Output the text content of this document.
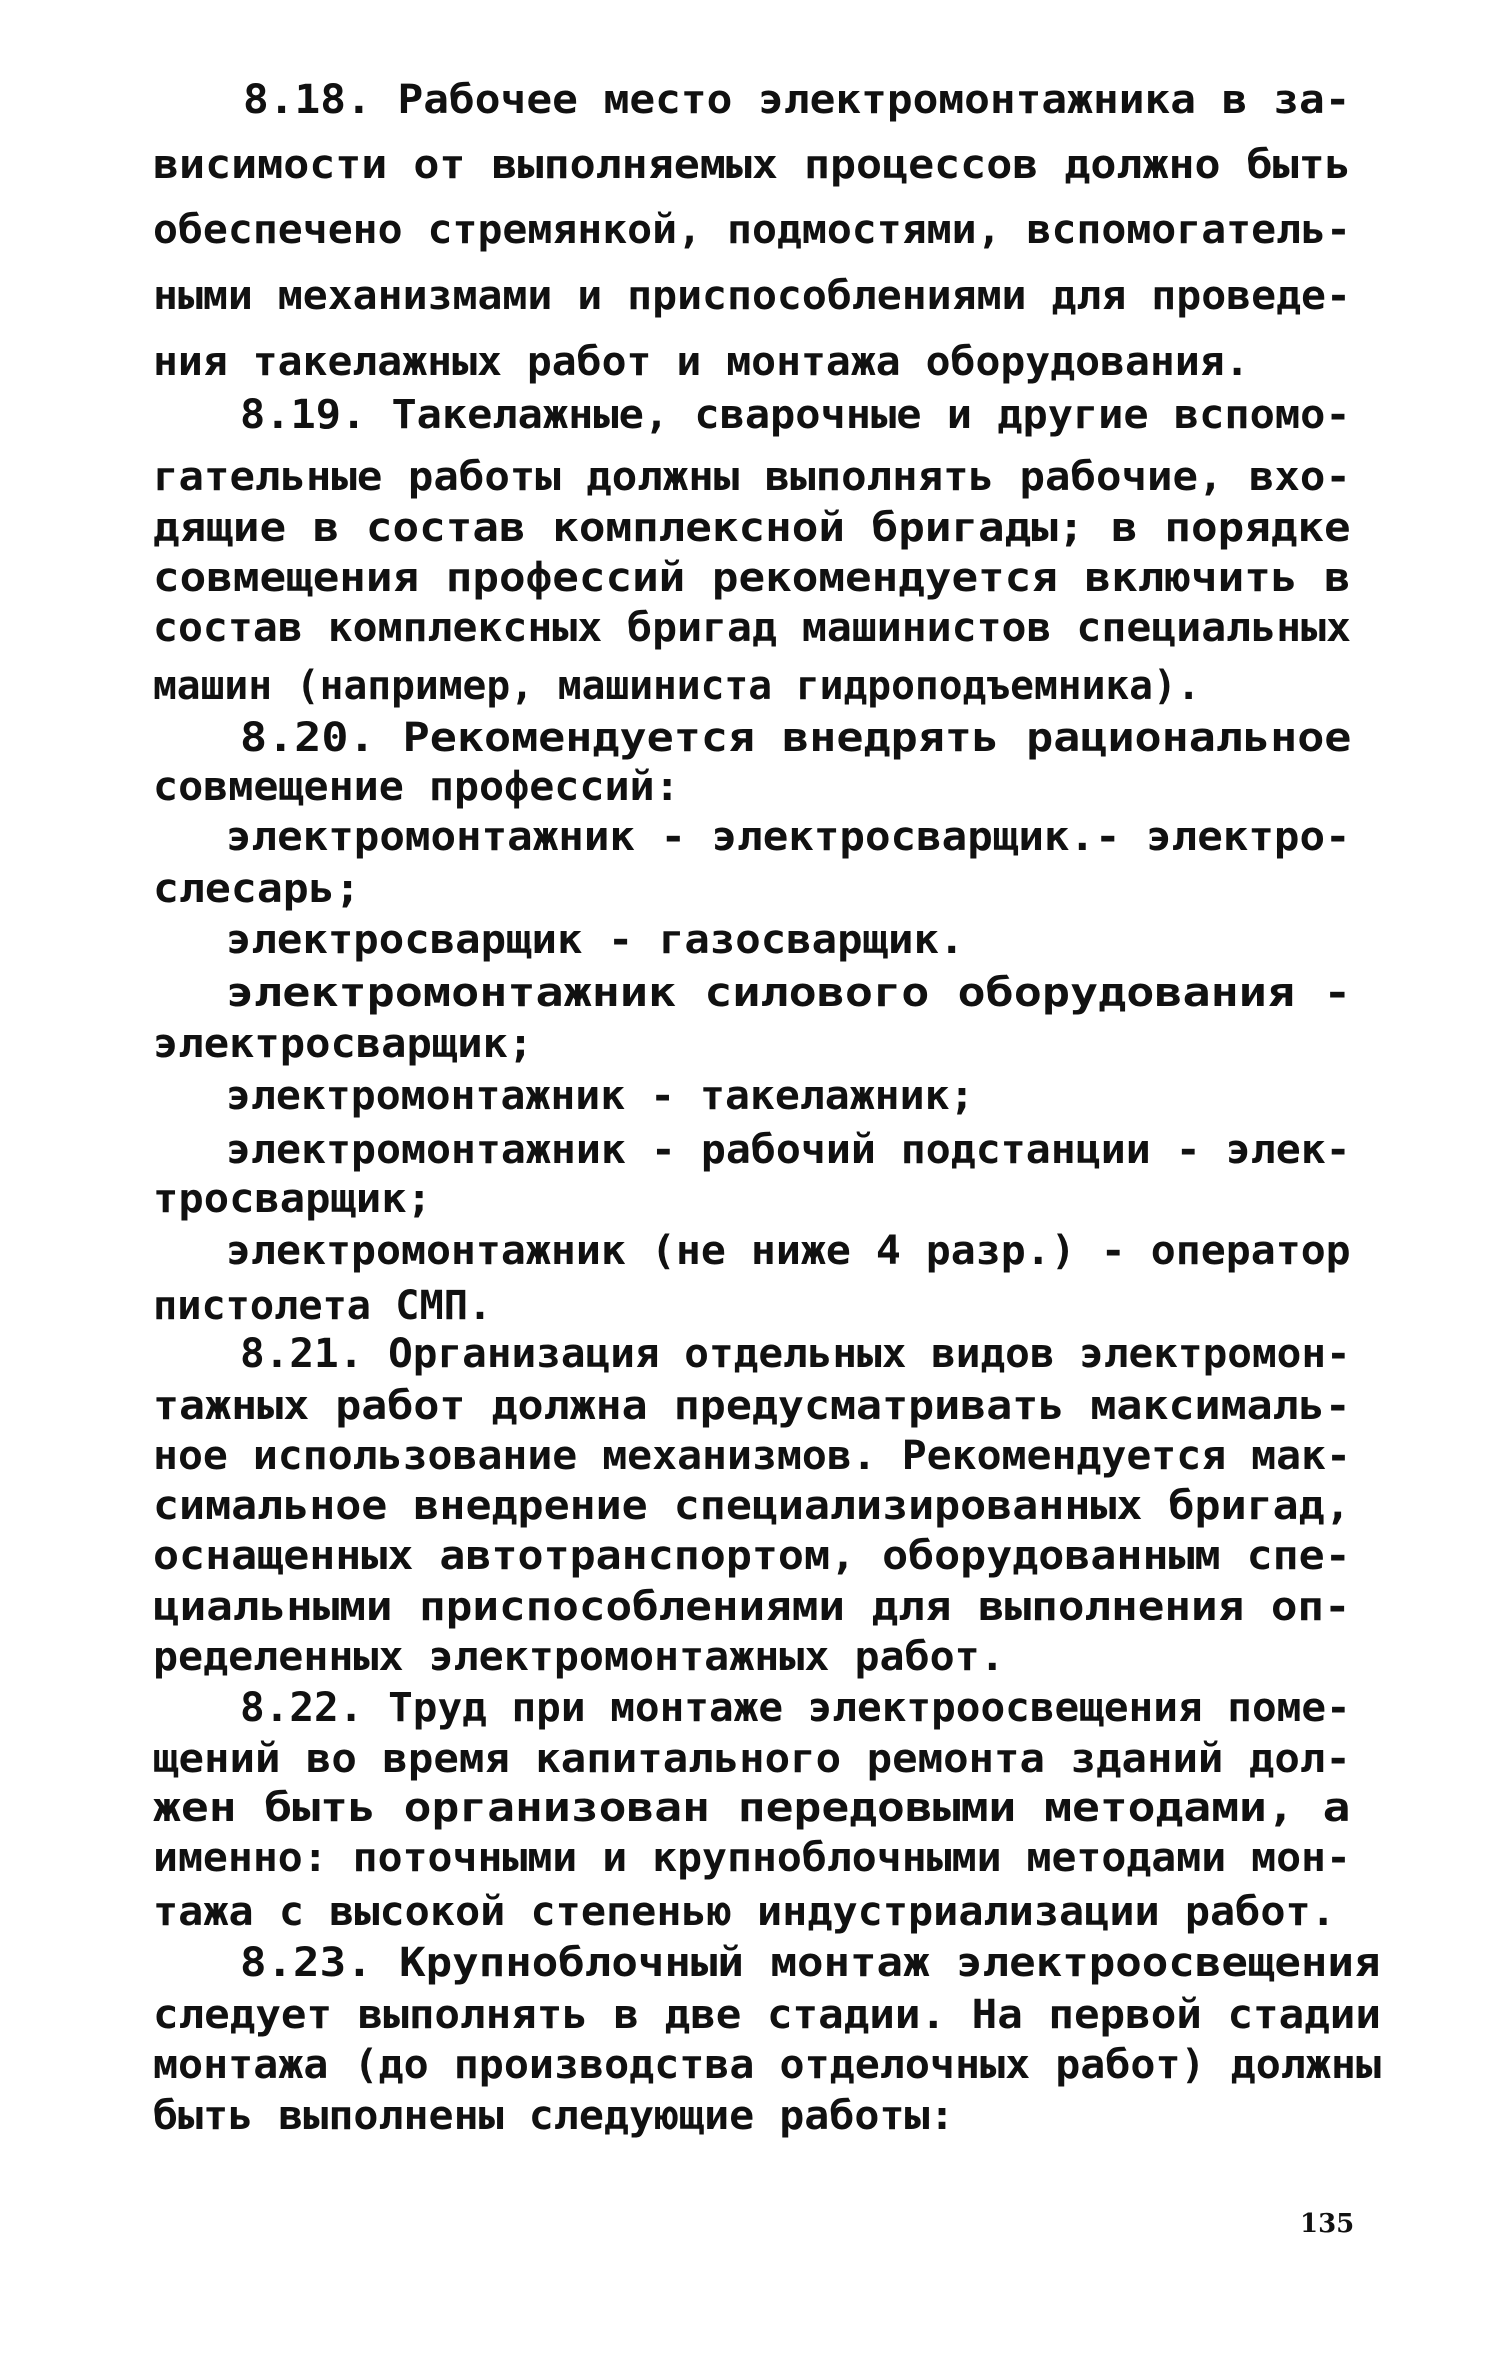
8.18. Рабочее место электромонтажника в за-
висимости от выполняемых процессов должно быть
обеспечено стремянкой, подмостями, вспомогатель-
ными механизмами и приспособлениями для проведе-
ния такелажных работ и монтажа оборудования.
8.19. Такелажные, сварочные и другие вспомо-
гательные работы должны выполнять рабочие, вхо-
дящие в состав комплексной бригады; в порядке
совмещения профессий рекомендуется включить в
состав комплексных бригад машинистов специальных
машин (например, машиниста гидроподъемника).
8.20. Рекомендуется внедрять рациональное
совмещение профессий:
электромонтажник - электросварщик.- электро-
слесарь;
электросварщик - газосварщик.
электромонтажник силового оборудования -
электросварщик;
электромонтажник - такелажник;
электромонтажник - рабочий подстанции - элек-
тросварщик;
электромонтажник (не ниже 4 разр.) - оператор
пистолета СМП.
8.21. Организация отдельных видов электромон-
тажных работ должна предусматривать максималь-
ное использование механизмов. Рекомендуется мак-
симальное внедрение специализированных бригад,
оснащенных автотранспортом, оборудованным спе-
циальными приспособлениями для выполнения оп-
ределенных электромонтажных работ.
8.22. Труд при монтаже электроосвещения поме-
щений во время капитального ремонта зданий дол-
жен быть организован передовыми методами, а
именно: поточными и крупноблочными методами мон-
тажа с высокой степенью индустриализации работ.
8.23. Крупноблочный монтаж электроосвещения
следует выполнять в две стадии. На первой стадии
монтажа (до производства отделочных работ) должны
быть выполнены следующие работы:
135
